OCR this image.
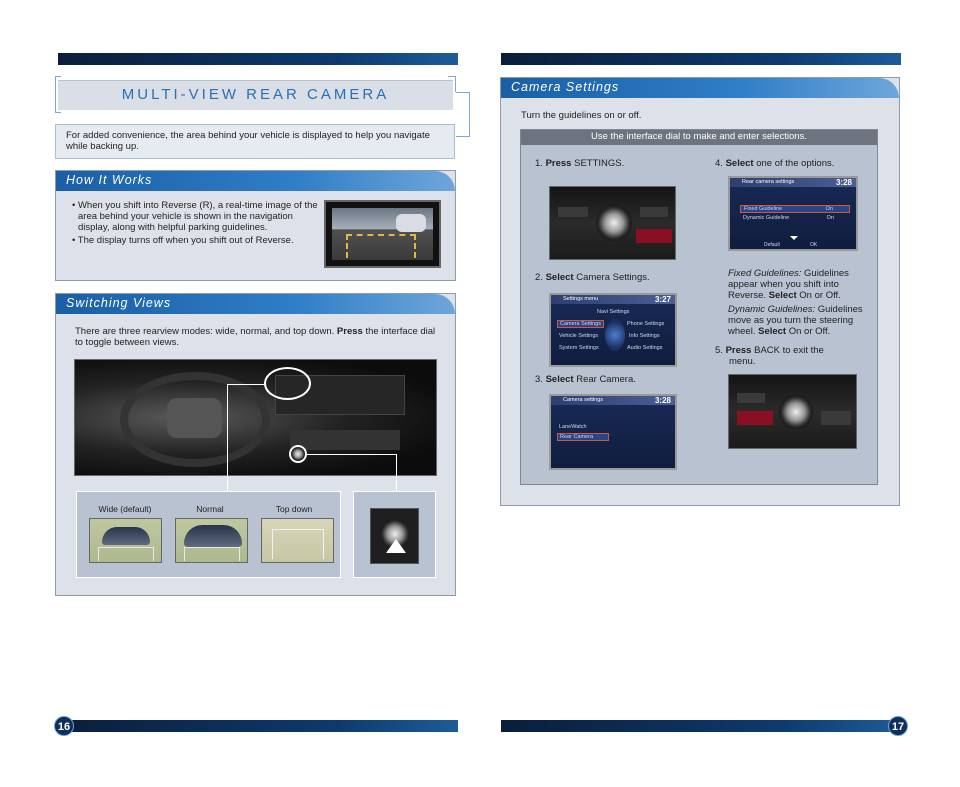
MULTI-VIEW REAR CAMERA
For added convenience, the area behind your vehicle is displayed to help you navigate while backing up.
How It Works

• When you shift into Reverse (R), a real-time image of the area behind your vehicle is shown in the navigation display, along with helpful parking guidelines.

• The display turns off when you shift out of Reverse.

Switching Views
There are three rearview modes: wide, normal, and top down. Press the interface dial to toggle between views.
Wide (default)	Normal	Top down
16
Camera Settings
Turn the guidelines on or off.
Use the interface dial to make and enter selections.
1. Press SETTINGS.
2. Select Camera Settings.
Settings menu	3:27
Navi Settings
Camera Settings	Phone Settings
Vehicle Settings	Info Settings
System Settings	Audio Settings
3. Select Rear Camera.
Camera settings	3:28
LaneWatch
Rear Camera
4. Select one of the options.
Rear camera settings	3:28
Fixed Guideline	On
Dynamic Guideline	On
Default	OK
Fixed Guidelines: Guidelines appear when you shift into Reverse. Select On or Off.
Dynamic Guidelines: Guidelines move as you turn the steering wheel. Select On or Off.
5. Press BACK to exit the menu.
17
